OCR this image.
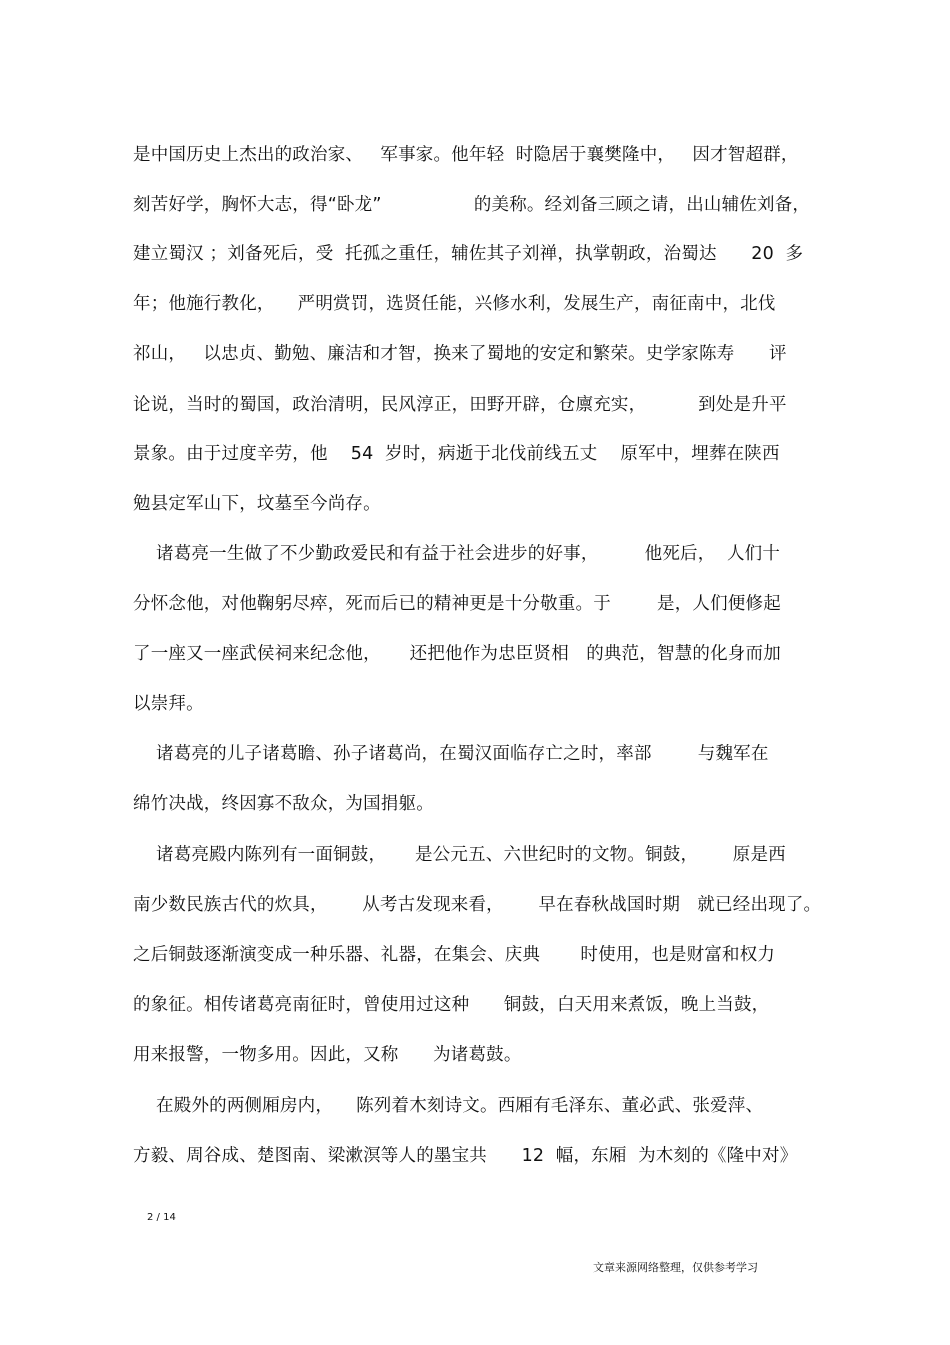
是中国历史上杰出的政治家、   军事家。他年轻  时隐居于襄樊隆中，   因才智超群，
刻苦好学，胸怀大志，得“卧龙”                的美称。经刘备三顾之请，出山辅佐刘备，
建立蜀汉 ；刘备死后，受  托孤之重任，辅佐其子刘禅，执掌朝政，治蜀达      20  多
年；他施行教化，    严明赏罚，选贤任能，兴修水利，发展生产，南征南中，北伐
祁山，   以忠贞、勤勉、廉洁和才智，换来了蜀地的安定和繁荣。史学家陈寿      评
论说，当时的蜀国，政治清明，民风淳正，田野开辟，仓廪充实，         到处是升平
景象。由于过度辛劳，他    54  岁时，病逝于北伐前线五丈    原军中，埋葬在陕西
勉县定军山下，坟墓至今尚存。
诸葛亮一生做了不少勤政爱民和有益于社会进步的好事，        他死后，  人们十
分怀念他，对他鞠躬尽瘁，死而后已的精神更是十分敬重。于        是，人们便修起
了一座又一座武侯祠来纪念他，     还把他作为忠臣贤相   的典范，智慧的化身而加
以崇拜。
诸葛亮的儿子诸葛瞻、孙子诸葛尚，在蜀汉面临存亡之时，率部        与魏军在
绵竹决战，终因寡不敌众，为国捐躯。
诸葛亮殿内陈列有一面铜鼓，     是公元五、六世纪时的文物。铜鼓，      原是西
南少数民族古代的炊具，      从考古发现来看，      早在春秋战国时期   就已经出现了。
之后铜鼓逐渐演变成一种乐器、礼器，在集会、庆典       时使用，也是财富和权力
的象征。相传诸葛亮南征时，曾使用过这种      铜鼓，白天用来煮饭，晚上当鼓，
用来报警，一物多用。因此，又称      为诸葛鼓。
在殿外的两侧厢房内，    陈列着木刻诗文。西厢有毛泽东、董必武、张爱萍、
方毅、周谷成、楚图南、梁漱溟等人的墨宝共      12  幅，东厢  为木刻的《隆中对》
2 / 14
文章来源网络整理，仅供参考学习
